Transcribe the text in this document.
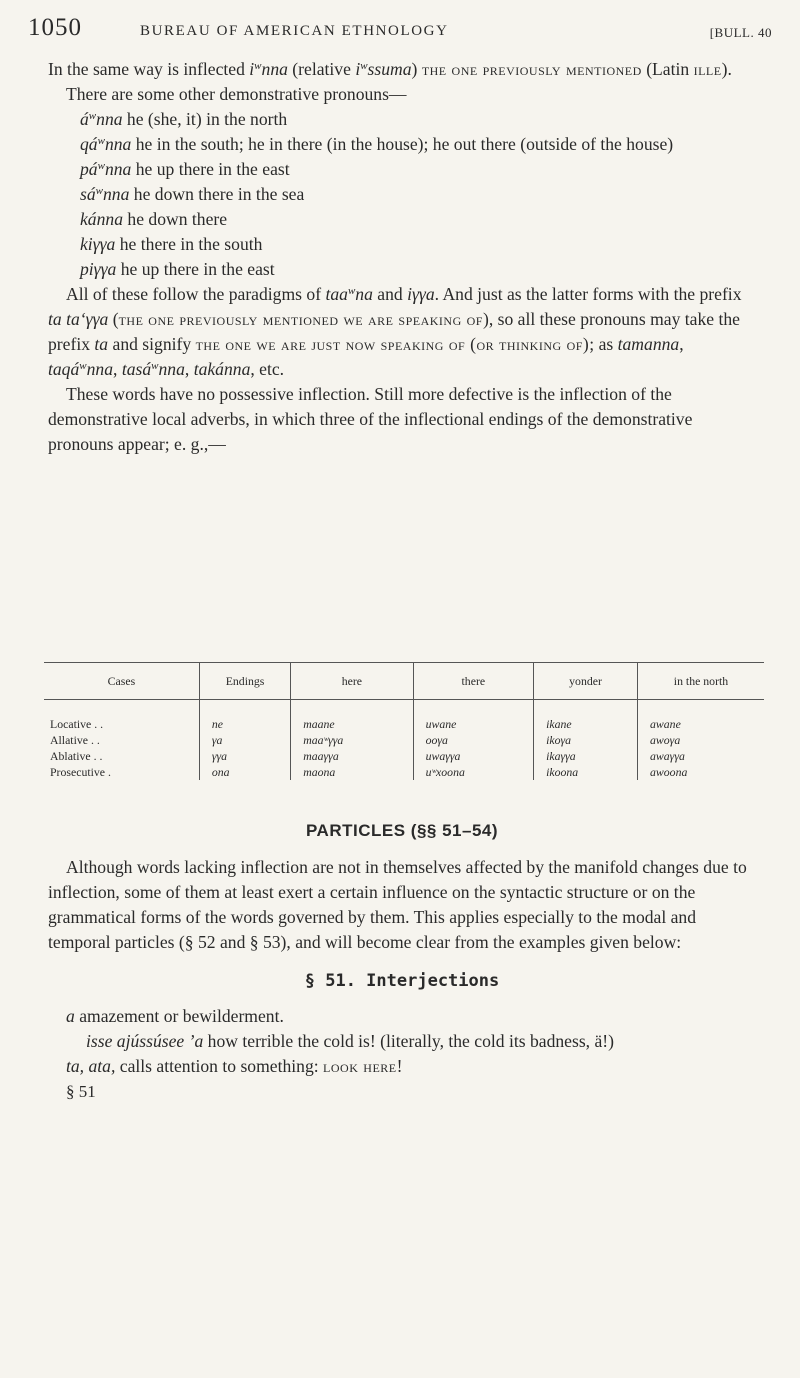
1050	BUREAU OF AMERICAN ETHNOLOGY	[BULL. 40

In the same way is inflected $i^wnna$ (relative $i^wssuma$) the one previously mentioned (Latin ille).

There are some other demonstrative pronouns—

$á^wnna$ he (she, it) in the north
$qá^wnna$ he in the south; he in there (in the house); he out there (outside of the house)
$pá^wnna$ he up there in the east
$sá^wnna$ he down there in the sea
kánna he down there
kiγγa he there in the south
piγγa he up there in the east

All of these follow the paradigms of taa$^w$na and iγγa. And just as the latter forms with the prefix ta ta‘γγa (the one previously mentioned we are speaking of), so all these pronouns may take the prefix ta and signify the one we are just now speaking of (or thinking of); as tamanna, taqá$^w$nna, tasá$^w$nna, takánna, etc.

These words have no possessive inflection. Still more defective is the inflection of the demonstrative local adverbs, in which three of the inflectional endings of the demonstrative pronouns appear; e. g.,—

Cases	Endings	here	there	yonder	in the north
Locative . .	ne	maane	uwane	ikane	awane
Allative . .	γa	maaʷγγa	ooγa	ikoγa	awoγa
Ablative . .	γγa	maaγγa	uwaγγa	ikaγγa	awaγγa
Prosecutive .	ona	maona	uʷxoona	ikoona	awoona
PARTICLES (§§ 51–54)

Although words lacking inflection are not in themselves affected by the manifold changes due to inflection, some of them at least exert a certain influence on the syntactic structure or on the grammatical forms of the words governed by them. This applies especially to the modal and temporal particles (§ 52 and § 53), and will become clear from the examples given below:

§ 51. Interjections
a amazement or bewilderment.
isse ajússúsee ’a how terrible the cold is! (literally, the cold its badness, ä!)
ta, ata, calls attention to something: look here!
§ 51
